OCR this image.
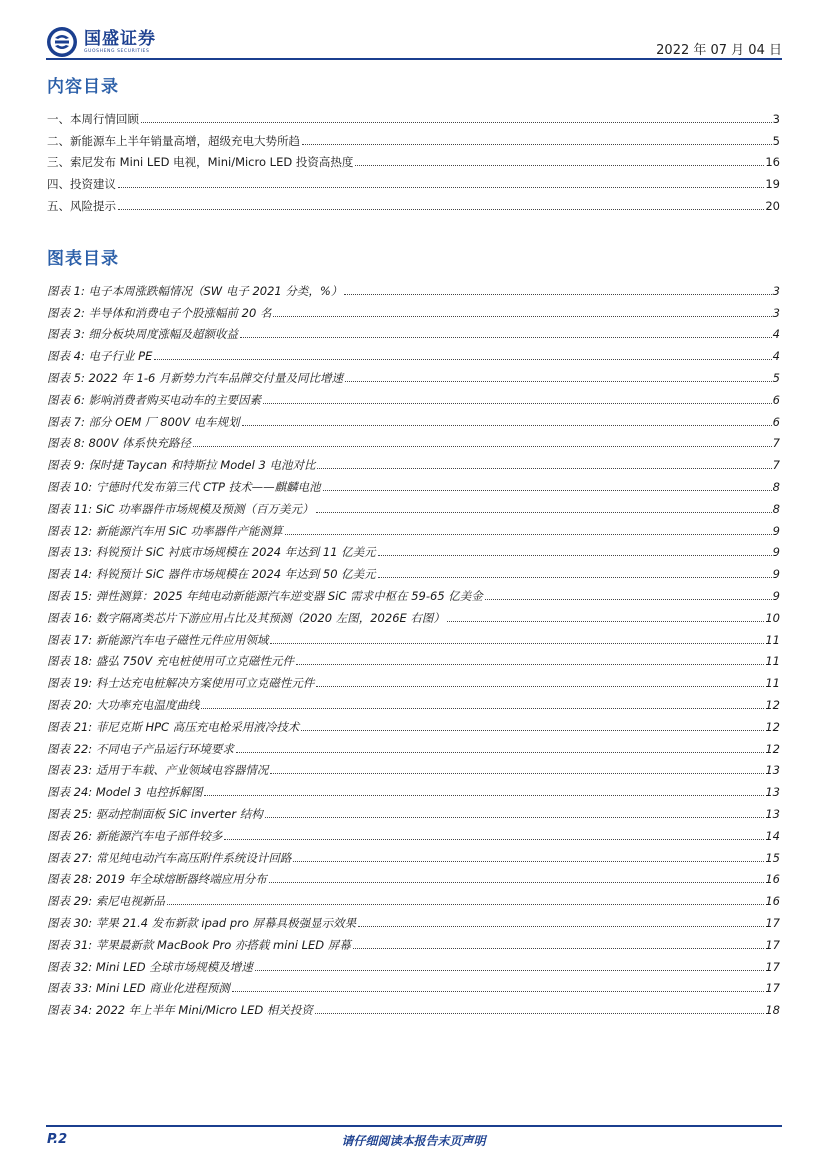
国盛证券
GUOSHENG SECURITIES	2022 年 07 月 04 日
内容目录
一、本周行情回顾	3
二、新能源车上半年销量高增，超级充电大势所趋	5
三、索尼发布 Mini LED 电视，Mini/Micro LED 投资高热度	16
四、投资建议	19
五、风险提示	20
图表目录
图表 1: 电子本周涨跌幅情况（SW 电子 2021 分类，%）	3
图表 2: 半导体和消费电子个股涨幅前 20 名	3
图表 3: 细分板块周度涨幅及超额收益	4
图表 4: 电子行业 PE	4
图表 5: 2022 年 1-6 月新势力汽车品牌交付量及同比增速	5
图表 6: 影响消费者购买电动车的主要因素	6
图表 7: 部分 OEM 厂 800V 电车规划	6
图表 8: 800V 体系快充路径	7
图表 9: 保时捷 Taycan 和特斯拉 Model 3 电池对比	7
图表 10: 宁德时代发布第三代 CTP 技术——麒麟电池	8
图表 11: SiC 功率器件市场规模及预测（百万美元）	8
图表 12: 新能源汽车用 SiC 功率器件产能测算	9
图表 13: 科锐预计 SiC 衬底市场规模在 2024 年达到 11 亿美元	9
图表 14: 科锐预计 SiC 器件市场规模在 2024 年达到 50 亿美元	9
图表 15: 弹性测算：2025 年纯电动新能源汽车逆变器 SiC 需求中枢在 59-65 亿美金	9
图表 16: 数字隔离类芯片下游应用占比及其预测（2020 左图，2026E 右图）	10
图表 17: 新能源汽车电子磁性元件应用领域	11
图表 18: 盛弘 750V 充电桩使用可立克磁性元件	11
图表 19: 科士达充电桩解决方案使用可立克磁性元件	11
图表 20: 大功率充电温度曲线	12
图表 21: 菲尼克斯 HPC 高压充电枪采用液冷技术	12
图表 22: 不同电子产品运行环境要求	12
图表 23: 适用于车载、产业领域电容器情况	13
图表 24: Model 3 电控拆解图	13
图表 25: 驱动控制面板 SiC inverter 结构	13
图表 26: 新能源汽车电子部件较多	14
图表 27: 常见纯电动汽车高压附件系统设计回路	15
图表 28: 2019 年全球熔断器终端应用分布	16
图表 29: 索尼电视新品	16
图表 30: 苹果 21.4 发布新款 ipad pro 屏幕具极强显示效果	17
图表 31: 苹果最新款 MacBook Pro 亦搭载 mini LED 屏幕	17
图表 32: Mini LED 全球市场规模及增速	17
图表 33: Mini LED 商业化进程预测	17
图表 34: 2022 年上半年 Mini/Micro LED 相关投资	18
P.2	请仔细阅读本报告末页声明
